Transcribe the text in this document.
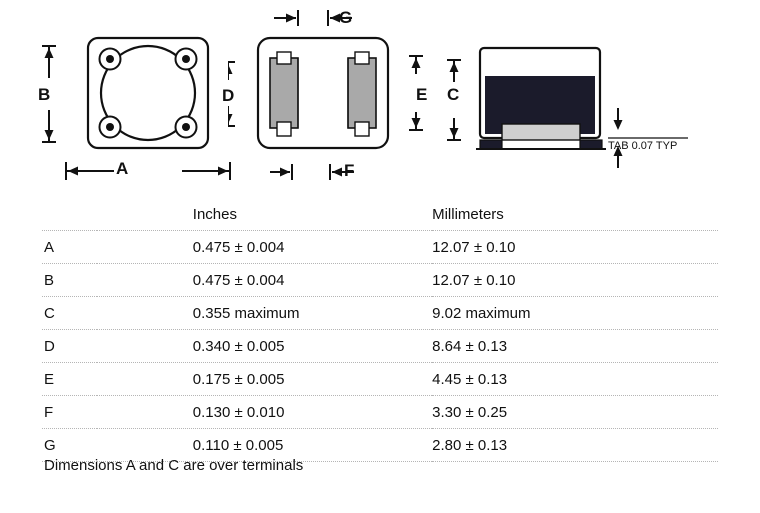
B
A
D	E
G
F
C
TAB 0.07 TYP
	Inches	Millimeters
A	0.475 ± 0.004	12.07 ± 0.10
B	0.475 ± 0.004	12.07 ± 0.10
C	0.355 maximum	9.02 maximum
D	0.340 ± 0.005	8.64 ± 0.13
E	0.175 ± 0.005	4.45 ± 0.13
F	0.130 ± 0.010	3.30 ± 0.25
G	0.110 ± 0.005	2.80 ± 0.13
Dimensions A and C are over terminals
